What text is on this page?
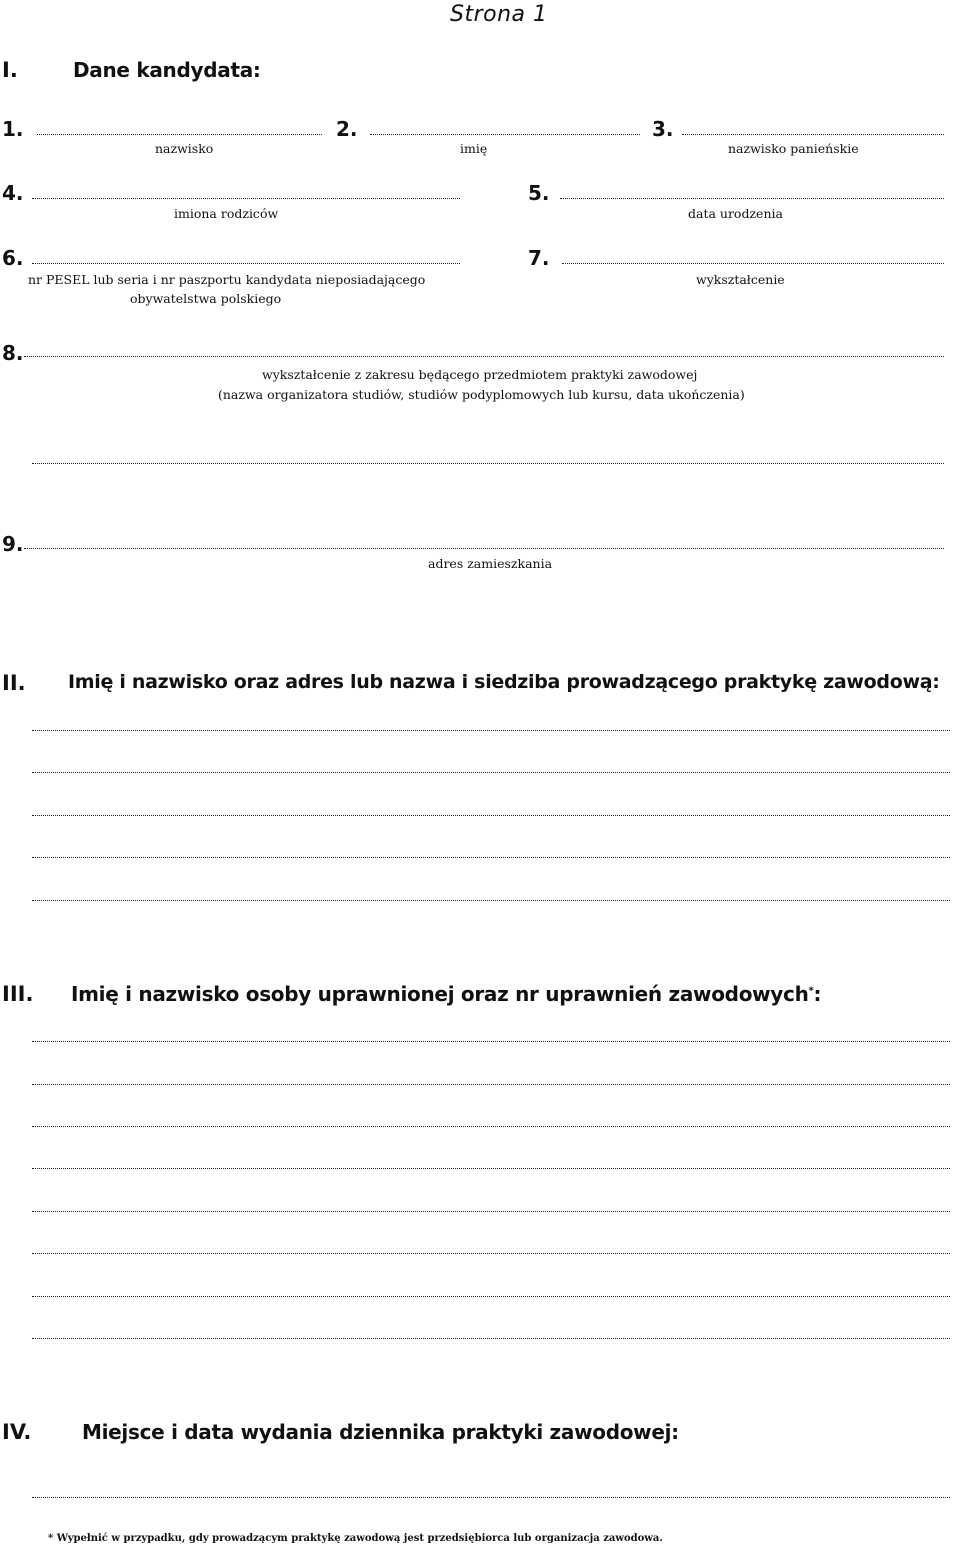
Strona 1
I.	Dane kandydata:
1.
nazwisko
2.
imię
3.
nazwisko panieńskie
4.
imiona rodziców
5.
data urodzenia
6.
nr PESEL lub seria i nr paszportu kandydata nieposiadającego
obywatelstwa polskiego
7.
wykształcenie
8.
wykształcenie z zakresu będącego przedmiotem praktyki zawodowej
(nazwa organizatora studiów, studiów podyplomowych lub kursu, data ukończenia)
9.
adres zamieszkania
II. Imię i nazwisko oraz adres lub nazwa i siedziba prowadzącego praktykę zawodową:
III. Imię i nazwisko osoby uprawnionej oraz nr uprawnień zawodowych*:
IV.	Miejsce i data wydania dziennika praktyki zawodowej:
* Wypełnić w przypadku, gdy prowadzącym praktykę zawodową jest przedsiębiorca lub organizacja zawodowa.
